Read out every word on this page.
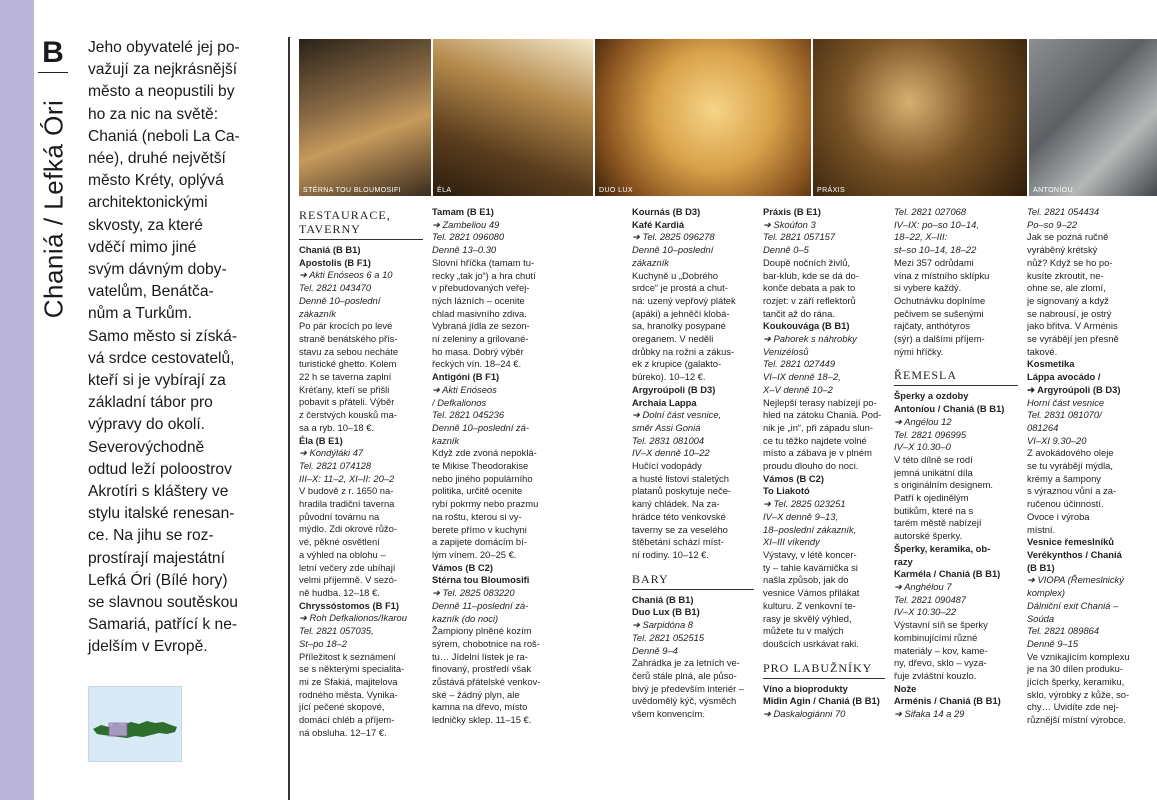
B
Chaniá / Lefká Óri

Jeho obyvatelé jej po-

važují za nejkrásnější

město a neopustili by

ho za nic na světě:

Chaniá (neboli La Ca-

née), druhé největší

město Kréty, oplývá

architektonickými

skvosty, za které

vděčí mimo jiné

svým dávným doby-

vatelům, Benátča-

nům a Turkům.

Samo město si získá-

vá srdce cestovatelů,

kteří si je vybírají za

základní tábor pro

výpravy do okolí.

Severovýchodně

odtud leží poloostrov

Akrotíri s kláštery ve

stylu italské renesan-

ce. Na jihu se roz-

prostírají majestátní

Lefká Óri (Bílé hory)

se slavnou soutěskou

Samariá, patřící k ne-

jdelším v Evropě.

STÉRNA TOU BLOUMOSIFI	ÉLA	DUO LUX	PRÁXIS	ANTONÍOU
RESTAURACE,
TAVERNY
Chaniá (B B1)
Apostolis (B F1)
➜ Akti Enóseos 6 a 10
Tel. 2821 043470
Denně 10–poslední
zákazník
Po pár krocích po levé
straně benátského přís-
stavu za sebou necháte
turistické ghetto. Kolem
22 h se taverna zaplní
Kréťany, kteří se přišli
pobavit s přáteli. Výběr
z čerstvých kousků ma-
sa a ryb. 10–18 €.
Éla (B E1)
➜ Kondýláki 47
Tel. 2821 074128
III–X: 11–2, XI–II: 20–2
V budově z r. 1650 na-
hradila tradiční taverna
původní továrnu na
mýdlo. Zdi okrové růžo-
vé, pěkné osvětlení
a výhled na oblohu –
letní večery zde ubíhají
velmi příjemně. V sezó-
ně hudba. 12–18 €.
Chryssóstomos (B F1)
➜ Roh Defkalionos/Ikarou
Tel. 2821 057035,
St–po 18–2
Příležitost k seznámení
se s některými specialita-
mi ze Sfakiá, majitelova
rodného města. Vynika-
jící pečené skopové,
domácí chléb a příjem-
ná obsluha. 12–17 €.
Tamam (B E1)
➜ Zambeliou 49
Tel. 2821 096080
Denně 13–0.30
Slovní hříčka (tamam tu-
recky „tak jo“) a hra chutí
v přebudovaných veřej-
ných lázních – ocenite
chlad masivního zdiva.
Vybraná jídla ze sezon-
ní zeleniny a grilované-
ho masa. Dobrý výběr
řeckých vín. 18–24 €.
Antigóni (B F1)
➜ Akti Enóseos
/ Defkalionos
Tel. 2821 045236
Denně 10–poslední zá-
kazník
Když zde zvoná nepoklá-
te Mikise Theodorakise
nebo jiného populárního
politika, určitě ocenite
rybí pokrmy nebo prazmu
na roštu, kterou si vy-
berete přímo v kuchyni
a zapijete domácím bí-
lým vínem. 20–25 €.
Vámos (B C2)
Stérna tou Bloumosifi
➜ Tel. 2825 083220
Denně 11–poslední zá-
kazník (do noci)
Žampiony plněné kozím
sýrem, chobotnice na roš-
tu… Jídelní lístek je ra-
finovaný, prostředí však
zůstává přátelské venkov-
ské – žádný plyn, ale
kamna na dřevo, místo
ledničky sklep. 11–15 €.
Kournás (B D3)
Kafé Kardiá
➜ Tel. 2825 096278
Denně 10–poslední
zákazník
Kuchyně u „Dobrého
srdce“ je prostá a chut-
ná: uzený vepřový plátek
(apáki) a jehněčí klobá-
sa, hranolky posypané
oreganem. V neděli
drůbky na rožni a zákus-
ek z krupice (galakto-
búreko). 10–12 €.
Argyroúpoli (B D3)
Archaia Lappa
➜ Dolní část vesnice,
směr Assi Goniá
Tel. 2831 081004
IV–X denně 10–22
Hučící vodopády
a husté listoví staletých
platanů poskytuje neče-
kaný chládek. Na za-
hrádce této venkovské
taverny se za veselého
štěbetání schází míst-
ní rodiny. 10–12 €.
BARY
Chaniá (B B1)
Duo Lux (B B1)
➜ Sarpidóna 8
Tel. 2821 052515
Denně 9–4
Zahrádka je za letních ve-
čerů stále plná, ale půso-
bivý je především interiér –
uvědomělý kýč, výsměch
všem konvencím.
Práxis (B E1)
➜ Skoúfon 3
Tel. 2821 057157
Denně 0–5
Doupě nočních živlů,
bar-klub, kde se dá do-
konče debata a pak to
rozjet: v září reflektorů
tančit až do rána.
Koukouvága (B B1)
➜ Pahorek s náhrobky
Venizélosů
Tel. 2821 027449
VI–IX denně 18–2,
X–V denně 10–2
Nejlepší terasy nabízejí po-
hled na zátoku Chaniá. Pod-
nik je „in“, při západu slun-
ce tu těžko najdete volné
místo a zábava je v plném
proudu dlouho do noci.
Vámos (B C2)
To Liakotó
➜ Tel. 2825 023251
IV–X denně 9–13,
18–poslední zákazník,
XI–III víkendy
Výstavy, v létě koncer-
ty – tahle kavárnička si
našla způsob, jak do
vesnice Vámos přilákat
kulturu. Z venkovní te-
rasy je skvělý výhled,
můžete tu v malých
doušcích usrkávat raki.
PRO LABUŽNÍKY
Víno a bioprodukty
Midin Agin / Chaniá (B B1)
➜ Daskalogiánni 70
Tel. 2821 027068
IV–IX: po–so 10–14,
18–22, X–III:
st–so 10–14, 18–22
Mezi 357 odrůdami
vína z místního sklípku
si vybere každý.
Ochutnávku doplníme
pečivem se sušenými
rajčaty, anthótyros
(sýr) a dalšími příjem-
nými hříčky.
ŘEMESLA
Šperky a ozdoby
Antoníou / Chaniá (B B1)
➜ Angélou 12
Tel. 2821 096995
IV–X 10.30–0
V této dílně se rodí
jemná unikátní díla
s originálním designem.
Patří k ojedinělým
butikům, které na s
tarém městě nabízejí
autorské šperky.
Šperky, keramika, ob-
razy
Karméla / Chaniá (B B1)
➜ Anghélou 7
Tel. 2821 090487
IV–X 10.30–22
Výstavní síň se šperky
kombinujícími různé
materiály – kov, kame-
ny, dřevo, sklo – vyza-
řuje zvláštní kouzlo.
Nože
Arménis / Chaniá (B B1)
➜ Sifaka 14 a 29
Tel. 2821 054434
Po–so 9–22
Jak se pozná ručně
vyráběný krétský
nůž? Když se ho po-
kusíte zkroutit, ne-
ohne se, ale zlomí,
je signovaný a když
se nabrousí, je ostrý
jako břitva. V Arménis
se vyrábějí jen přesně
takové.
Kosmetika
Láppa avocádo /
➜ Argyroúpoli (B D3)
Horní část vesnice
Tel. 2831 081070/
081264
VI–XI 9.30–20
Z avokádového oleje
se tu vyrábějí mýdla,
krémy a šampony
s výraznou vůní a za-
ručenou účinností.
Ovoce i výroba
místní.
Vesnice řemeslníků
Verékynthos / Chaniá
(B B1)
➜ VIOPA (Řemeslnický
komplex)
Dálniční exit Chaniá –
Soúda
Tel. 2821 089864
Denně 9–15
Ve vznikajícím komplexu
je na 30 dílen produku-
jících šperky, keramiku,
sklo, výrobky z kůže, so-
chy… Uvidíte zde nej-
různější místní výrobce.
